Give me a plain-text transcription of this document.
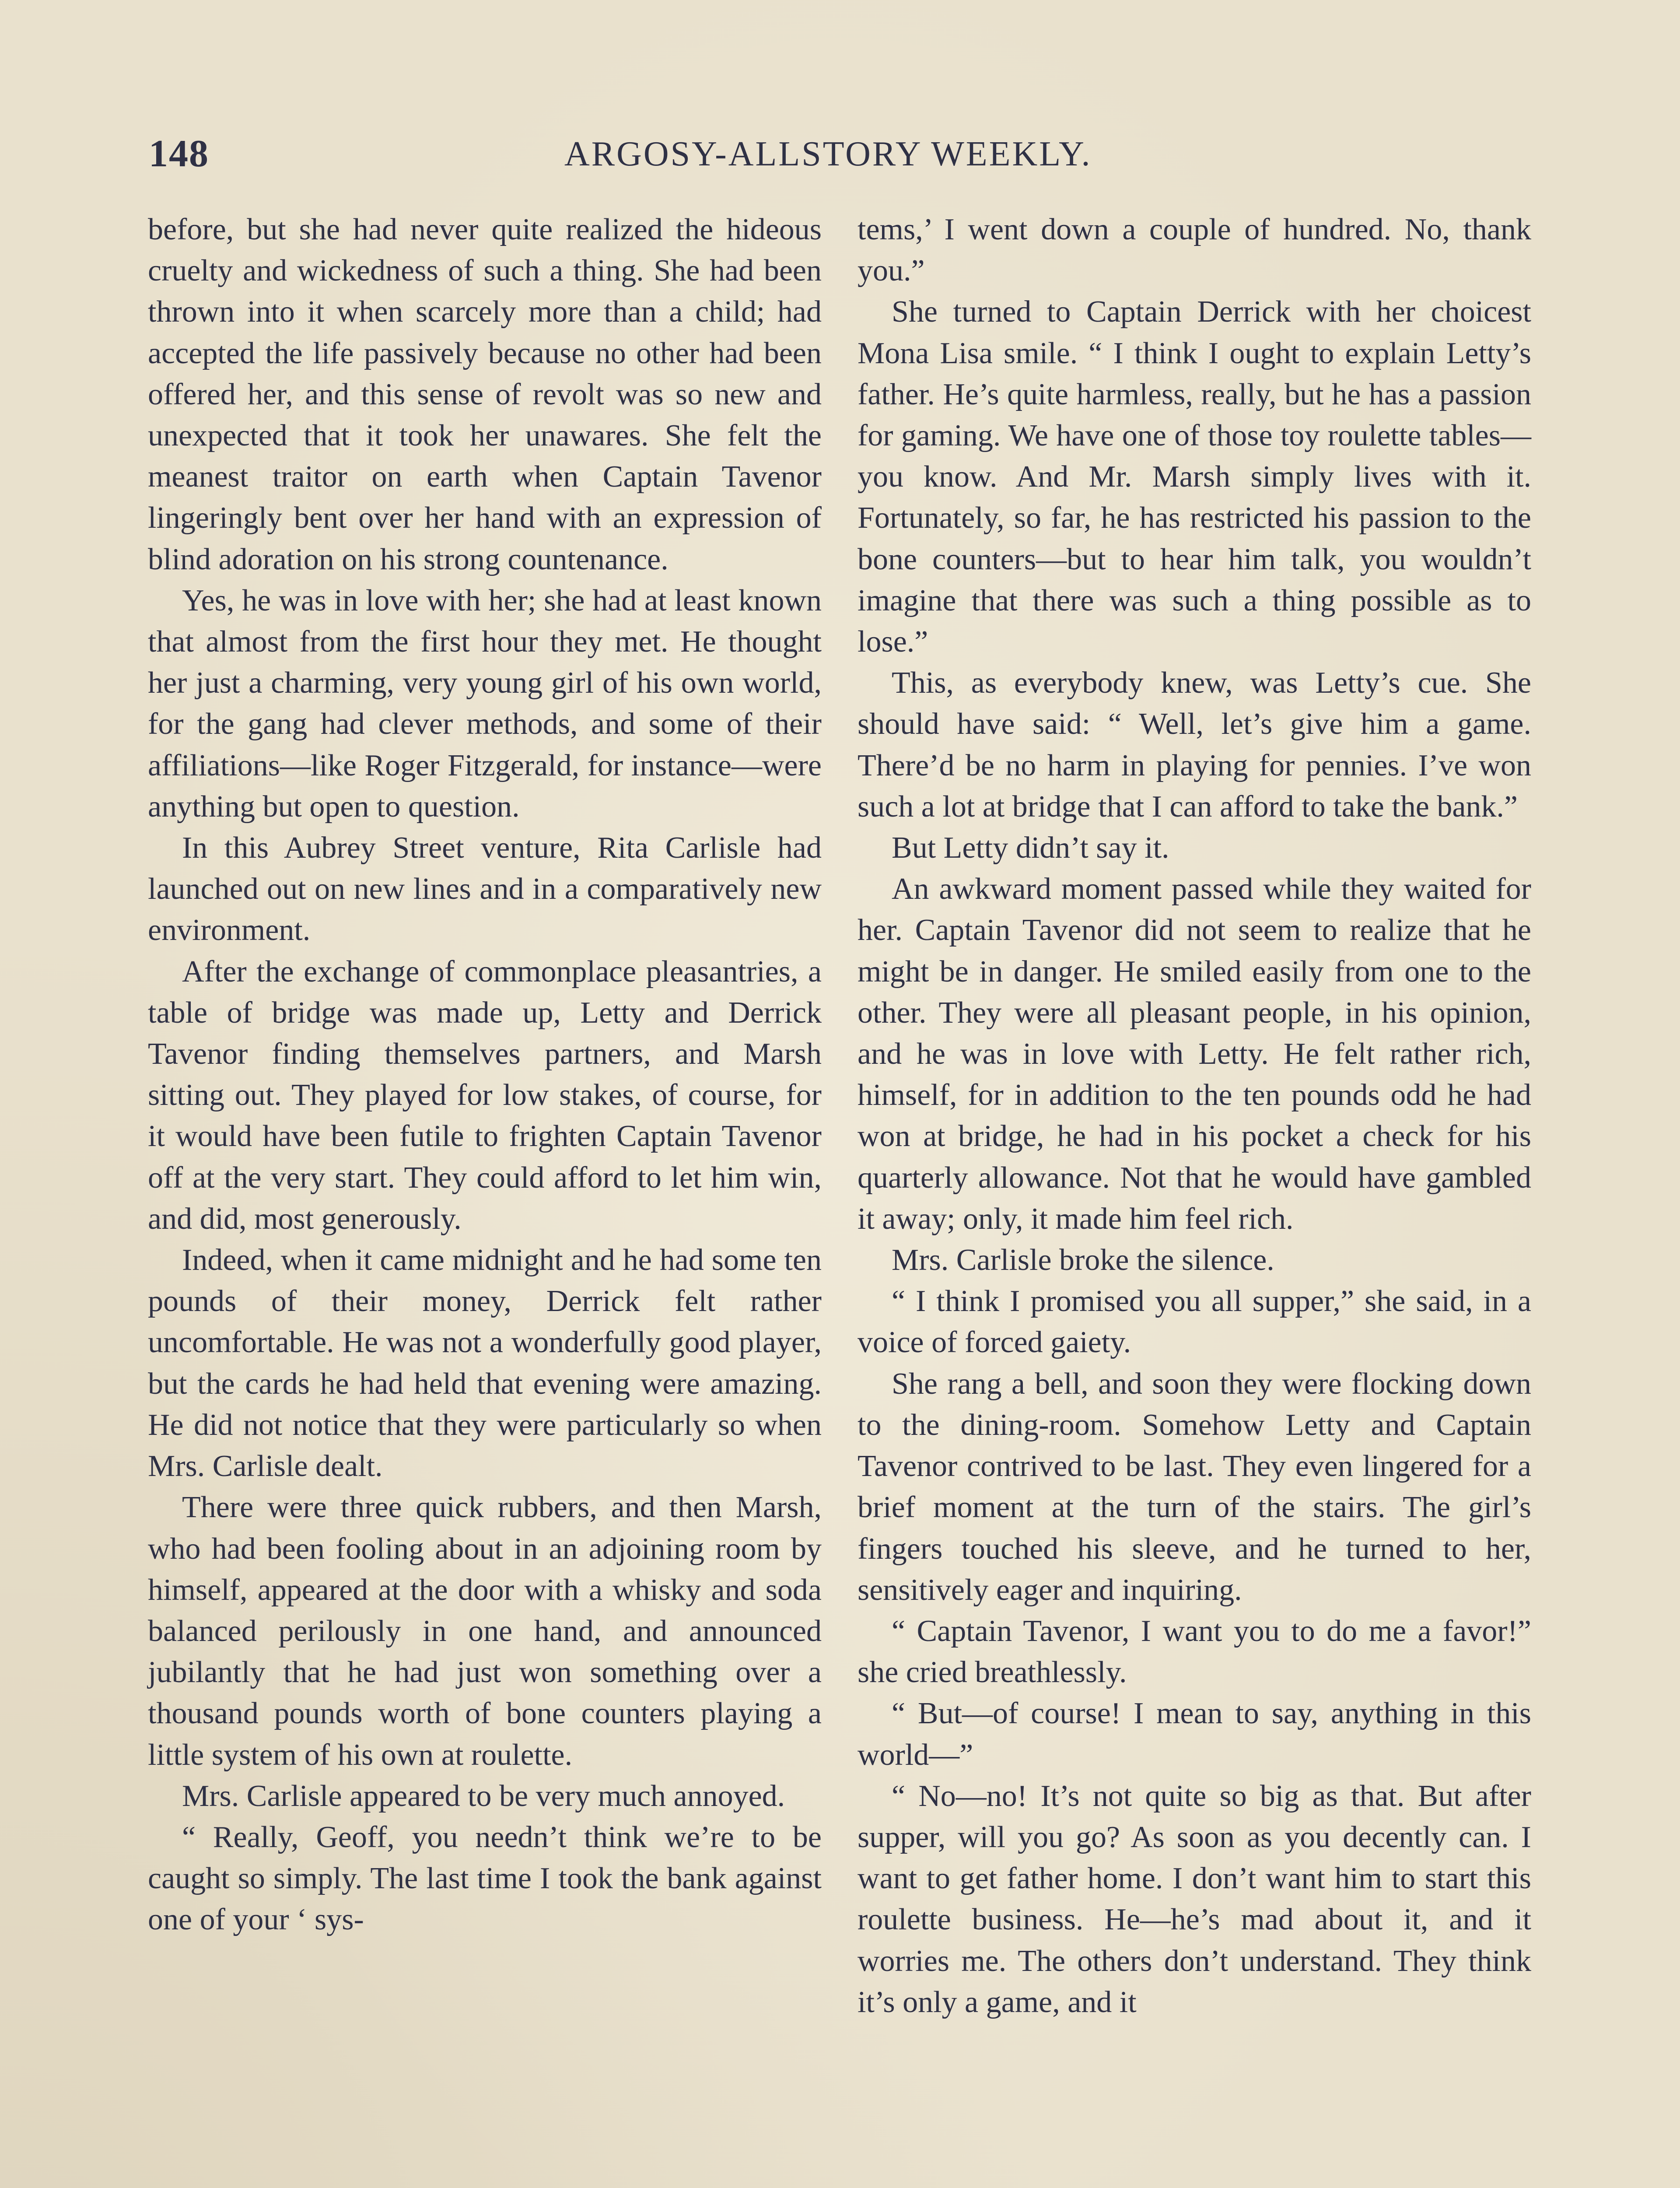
148	ARGOSY-ALLSTORY WEEKLY.

before, but she had never quite realized the hideous cruelty and wickedness of such a thing. She had been thrown into it when scarcely more than a child; had accepted the life passively because no other had been offered her, and this sense of revolt was so new and unexpected that it took her unawares. She felt the meanest traitor on earth when Captain Tavenor lingeringly bent over her hand with an expression of blind adoration on his strong countenance.

Yes, he was in love with her; she had at least known that almost from the first hour they met. He thought her just a charming, very young girl of his own world, for the gang had clever methods, and some of their affiliations—like Roger Fitzgerald, for instance—were anything but open to question.

In this Aubrey Street venture, Rita Carlisle had launched out on new lines and in a comparatively new environment.

After the exchange of commonplace pleasantries, a table of bridge was made up, Letty and Derrick Tavenor finding themselves partners, and Marsh sitting out. They played for low stakes, of course, for it would have been futile to frighten Captain Tavenor off at the very start. They could afford to let him win, and did, most generously.

Indeed, when it came midnight and he had some ten pounds of their money, Derrick felt rather uncomfortable. He was not a wonderfully good player, but the cards he had held that evening were amazing. He did not notice that they were particularly so when Mrs. Carlisle dealt.

There were three quick rubbers, and then Marsh, who had been fooling about in an adjoining room by himself, appeared at the door with a whisky and soda balanced perilously in one hand, and announced jubilantly that he had just won something over a thousand pounds worth of bone counters playing a little system of his own at roulette.

Mrs. Carlisle appeared to be very much annoyed.

“ Really, Geoff, you needn’t think we’re to be caught so simply. The last time I took the bank against one of your ‘ sys-

tems,’ I went down a couple of hundred. No, thank you.”

She turned to Captain Derrick with her choicest Mona Lisa smile. “ I think I ought to explain Letty’s father. He’s quite harmless, really, but he has a passion for gaming. We have one of those toy roulette tables—you know. And Mr. Marsh simply lives with it. Fortunately, so far, he has restricted his passion to the bone counters—but to hear him talk, you wouldn’t imagine that there was such a thing possible as to lose.”

This, as everybody knew, was Letty’s cue. She should have said: “ Well, let’s give him a game. There’d be no harm in playing for pennies. I’ve won such a lot at bridge that I can afford to take the bank.”

But Letty didn’t say it.

An awkward moment passed while they waited for her. Captain Tavenor did not seem to realize that he might be in danger. He smiled easily from one to the other. They were all pleasant people, in his opinion, and he was in love with Letty. He felt rather rich, himself, for in addition to the ten pounds odd he had won at bridge, he had in his pocket a check for his quarterly allowance. Not that he would have gambled it away; only, it made him feel rich.

Mrs. Carlisle broke the silence.

“ I think I promised you all supper,” she said, in a voice of forced gaiety.

She rang a bell, and soon they were flocking down to the dining-room. Somehow Letty and Captain Tavenor contrived to be last. They even lingered for a brief moment at the turn of the stairs. The girl’s fingers touched his sleeve, and he turned to her, sensitively eager and inquiring.

“ Captain Tavenor, I want you to do me a favor!” she cried breathlessly.

“ But—of course! I mean to say, anything in this world—”

“ No—no! It’s not quite so big as that. But after supper, will you go? As soon as you decently can. I want to get father home. I don’t want him to start this roulette business. He—he’s mad about it, and it worries me. The others don’t understand. They think it’s only a game, and it
